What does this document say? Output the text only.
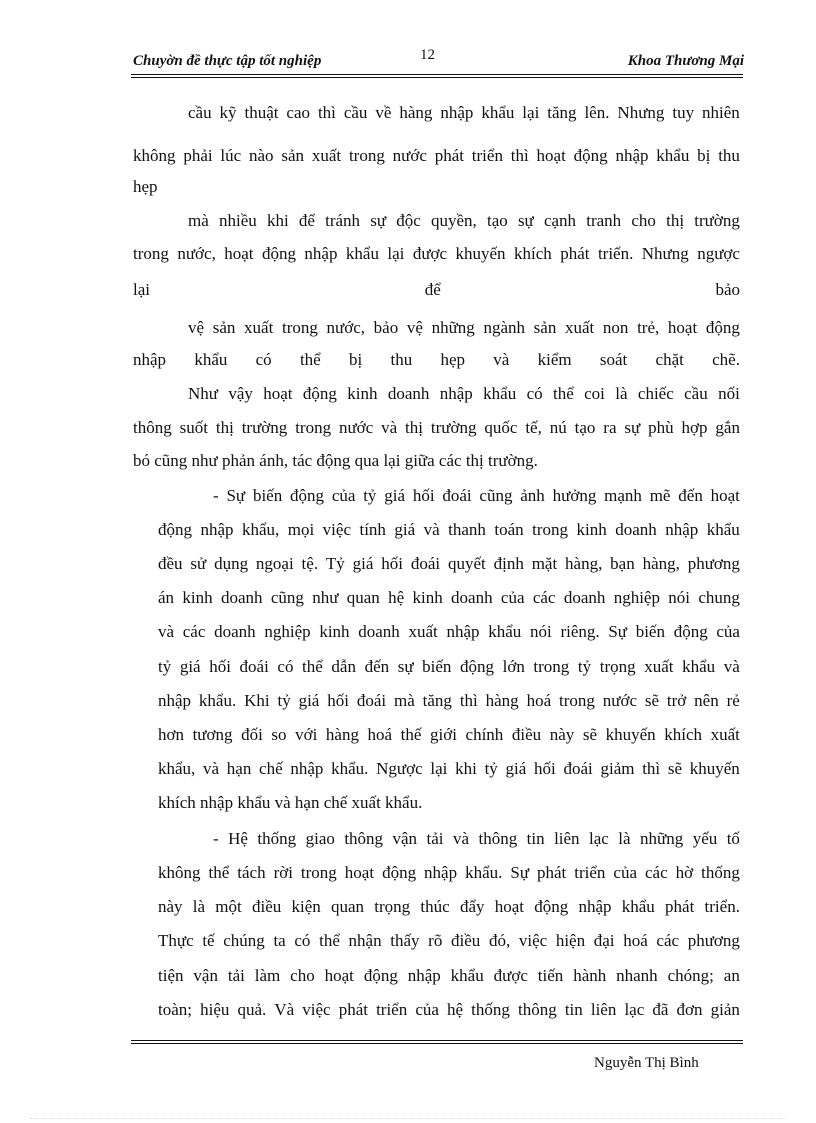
Chuyờn đề thực tập tốt nghiệp	12	Khoa Thương Mại
cầu kỹ thuật cao thì cầu về hàng nhập khẩu lại tăng lên. Nhưng tuy nhiên
không phải lúc nào sản xuất trong nước phát triển thì hoạt động nhập khẩu bị thu
hẹp
mà nhiều khi để tránh sự độc quyền, tạo sự cạnh tranh cho thị trường
trong nước, hoạt động nhập khẩu lại được khuyến khích phát triển. Nhưng ngược
lại	để	bảo
vệ sản xuất trong nước, bảo vệ những ngành sản xuất non trẻ, hoạt động
nhập khẩu có thể bị thu hẹp và kiểm soát chặt chẽ.
Như vậy hoạt động kinh doanh nhập khẩu có thể coi là chiếc cầu nối
thông suốt thị trường trong nước và thị trường quốc tế, nú tạo ra sự phù hợp gắn
bó cũng như phản ánh, tác động qua lại giữa các thị trường.
- Sự biến động của tỷ giá hối đoái cũng ảnh hưởng mạnh mẽ đến hoạt
động nhập khẩu, mọi việc tính giá và thanh toán trong kinh doanh nhập khẩu
đều sử dụng ngoại tệ. Tỷ giá hối đoái quyết định mặt hàng, bạn hàng, phương
án kinh doanh cũng như quan hệ kinh doanh của các doanh nghiệp nói chung
và các doanh nghiệp kinh doanh xuất nhập khẩu nói riêng. Sự biến động của
tỷ giá hối đoái có thể dẫn đến sự biến động lớn trong tỷ trọng xuất khẩu và
nhập khẩu. Khi tỷ giá hối đoái mà tăng thì hàng hoá trong nước sẽ trở nên rẻ
hơn tương đối so với hàng hoá thế giới chính điều này sẽ khuyến khích xuất
khẩu, và hạn chế nhập khẩu. Ngược lại khi tỷ giá hối đoái giảm thì sẽ khuyến
khích nhập khẩu và hạn chế xuất khẩu.
- Hệ thống giao thông vận tải và thông tin liên lạc là những yếu tố
không thể tách rời trong hoạt động nhập khẩu. Sự phát triển của các hờ thống
này là một điều kiện quan trọng thúc đẩy hoạt động nhập khẩu phát triển.
Thực tế chúng ta có thể nhận thấy rõ điều đó, việc hiện đại hoá các phương
tiện vận tải làm cho hoạt động nhập khẩu được tiến hành nhanh chóng; an
toàn; hiệu quả. Và việc phát triển của hệ thống thông tin liên lạc đã đơn giản
Nguyễn Thị Bình
